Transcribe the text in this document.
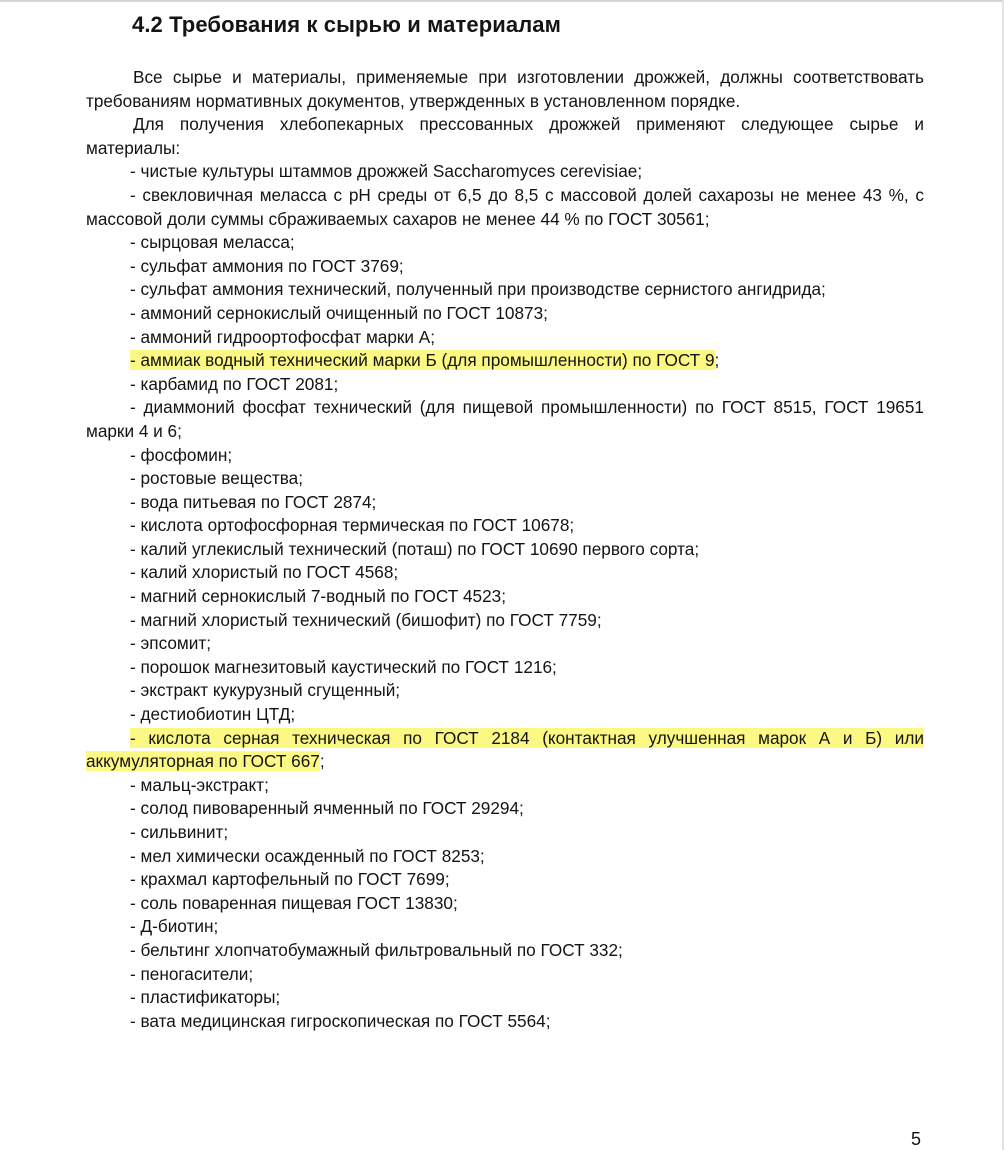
4.2 Требования к сырью и материалам

Все сырье и материалы, применяемые при изготовлении дрожжей, должны соответствовать требованиям нормативных документов, утвержденных в установленном порядке.

Для получения хлебопекарных прессованных дрожжей применяют следующее сырье и материалы:

- чистые культуры штаммов дрожжей Saccharomyces cerevisiae;

- свекловичная меласса с pH среды от 6,5 до 8,5 с массовой долей сахарозы не менее 43 %, с массовой доли суммы сбраживаемых сахаров не менее 44 % по ГОСТ 30561;

- сырцовая меласса;

- сульфат аммония по ГОСТ 3769;

- сульфат аммония технический, полученный при производстве сернистого ангидрида;

- аммоний сернокислый очищенный по ГОСТ 10873;

- аммоний гидроортофосфат марки А;

- аммиак водный технический марки Б (для промышленности) по ГОСТ 9;

- карбамид по ГОСТ 2081;

- диаммоний фосфат технический (для пищевой промышленности) по ГОСТ 8515, ГОСТ 19651 марки 4 и 6;

- фосфомин;

- ростовые вещества;

- вода питьевая по ГОСТ 2874;

- кислота ортофосфорная термическая по ГОСТ 10678;

- калий углекислый технический (поташ) по ГОСТ 10690 первого сорта;

- калий хлористый по ГОСТ 4568;

- магний сернокислый 7-водный по ГОСТ 4523;

- магний хлористый технический (бишофит) по ГОСТ 7759;

- эпсомит;

- порошок магнезитовый каустический по ГОСТ 1216;

- экстракт кукурузный сгущенный;

- дестиобиотин ЦТД;

- кислота серная техническая по ГОСТ 2184 (контактная улучшенная марок А и Б) или аккумуляторная по ГОСТ 667;

- мальц-экстракт;

- солод пивоваренный ячменный по ГОСТ 29294;

- сильвинит;

- мел химически осажденный по ГОСТ 8253;

- крахмал картофельный по ГОСТ 7699;

- соль поваренная пищевая ГОСТ 13830;

- Д-биотин;

- бельтинг хлопчатобумажный фильтровальный по ГОСТ 332;

- пеногасители;

- пластификаторы;

- вата медицинская гигроскопическая по ГОСТ 5564;

5
